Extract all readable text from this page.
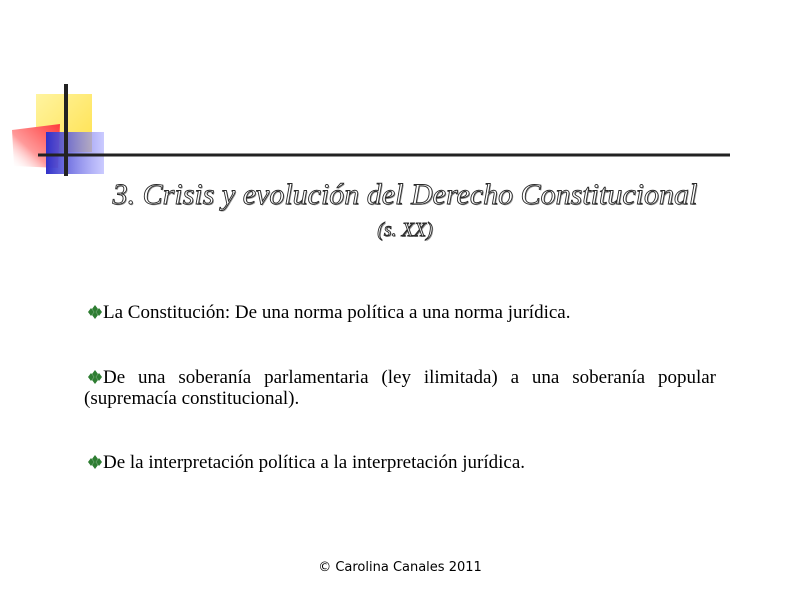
3. Crisis y evolución del Derecho Constitucional
(s. XX)
La Constitución: De una norma política a una norma jurídica.
De una soberanía parlamentaria (ley ilimitada) a una soberanía popular (supremacía constitucional).
De la interpretación política a la interpretación jurídica.
© Carolina Canales 2011
